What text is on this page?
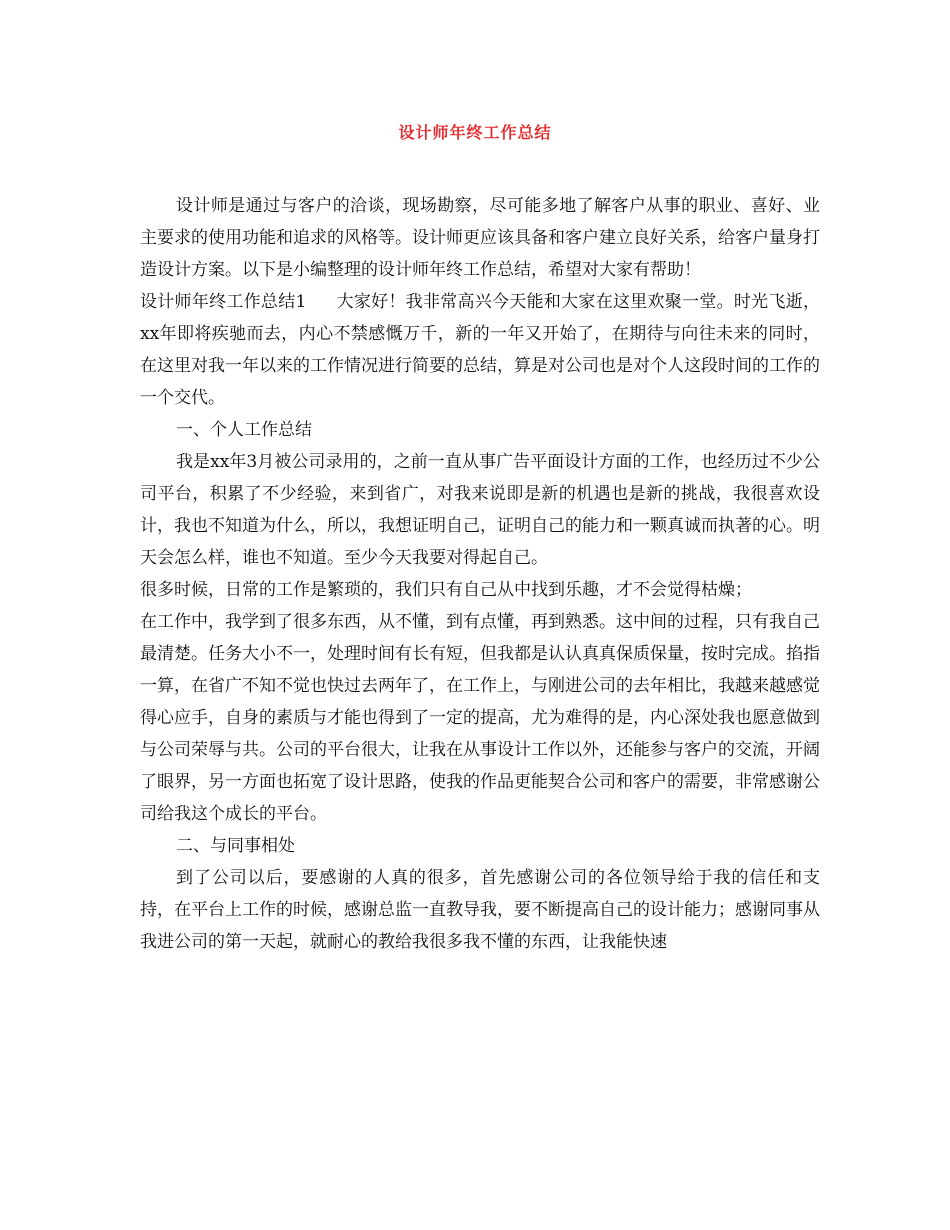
设计师年终工作总结

设计师是通过与客户的洽谈，现场勘察，尽可能多地了解客户从事的职业、喜好、业主要求的使用功能和追求的风格等。设计师更应该具备和客户建立良好关系，给客户量身打造设计方案。以下是小编整理的设计师年终工作总结，希望对大家有帮助！

设计师年终工作总结1 大家好！我非常高兴今天能和大家在这里欢聚一堂。时光飞逝，xx年即将疾驰而去，内心不禁感慨万千，新的一年又开始了，在期待与向往未来的同时，在这里对我一年以来的工作情况进行简要的总结，算是对公司也是对个人这段时间的工作的一个交代。

一、个人工作总结

我是xx年3月被公司录用的，之前一直从事广告平面设计方面的工作，也经历过不少公司平台，积累了不少经验，来到省广，对我来说即是新的机遇也是新的挑战，我很喜欢设计，我也不知道为什么，所以，我想证明自己，证明自己的能力和一颗真诚而执著的心。明天会怎么样，谁也不知道。至少今天我要对得起自己。

很多时候，日常的工作是繁琐的，我们只有自己从中找到乐趣，才不会觉得枯燥；

在工作中，我学到了很多东西，从不懂，到有点懂，再到熟悉。这中间的过程，只有我自己最清楚。任务大小不一，处理时间有长有短，但我都是认认真真保质保量，按时完成。掐指一算，在省广不知不觉也快过去两年了，在工作上，与刚进公司的去年相比，我越来越感觉得心应手，自身的素质与才能也得到了一定的提高，尤为难得的是，内心深处我也愿意做到与公司荣辱与共。公司的平台很大，让我在从事设计工作以外，还能参与客户的交流，开阔了眼界，另一方面也拓宽了设计思路，使我的作品更能契合公司和客户的需要，非常感谢公司给我这个成长的平台。

二、与同事相处

到了公司以后，要感谢的人真的很多，首先感谢公司的各位领导给于我的信任和支持，在平台上工作的时候，感谢总监一直教导我，要不断提高自己的设计能力；感谢同事从我进公司的第一天起，就耐心的教给我很多我不懂的东西，让我能快速
